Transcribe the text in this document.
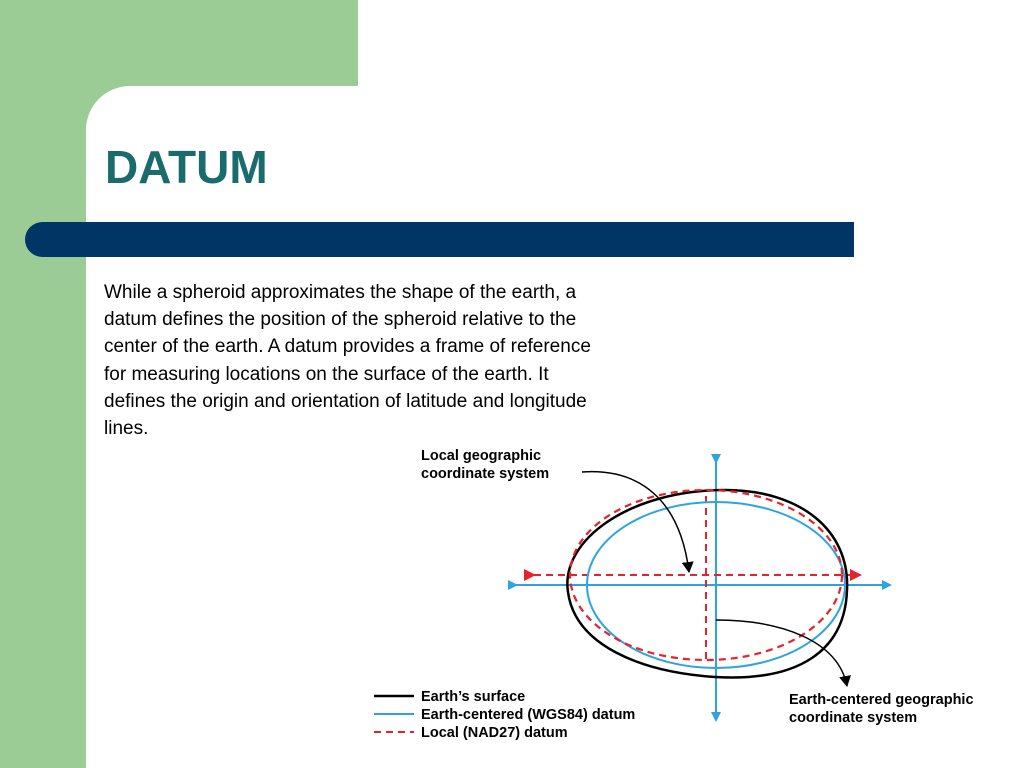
DATUM

While a spheroid approximates the shape of the earth, a datum defines the position of the spheroid relative to the center of the earth. A datum provides a frame of reference for measuring locations on the surface of the earth. It defines the origin and orientation of latitude and longitude lines.

Local geographic
coordinate system
Earth-centered geographic
coordinate system
Earth’s surface
Earth-centered (WGS84) datum
Local (NAD27) datum
